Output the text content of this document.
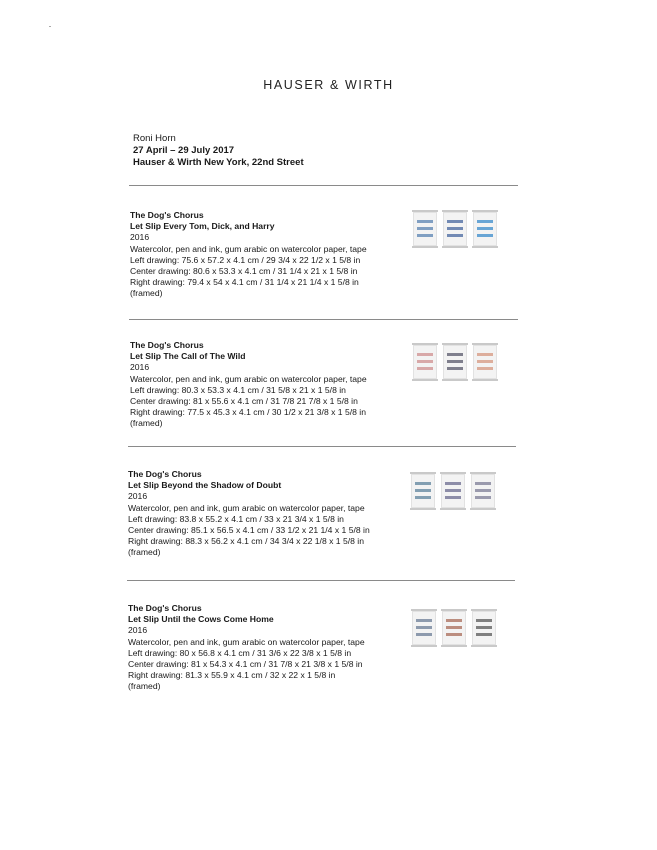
HAUSER & WIRTH
Roni Horn
27 April – 29 July 2017
Hauser & Wirth New York, 22nd Street
The Dog's Chorus
Let Slip Every Tom, Dick, and Harry
2016
Watercolor, pen and ink, gum arabic on watercolor paper, tape
Left drawing: 75.6 x 57.2 x 4.1 cm / 29 3/4 x 22 1/2 x 1 5/8 in
Center drawing: 80.6 x 53.3 x 4.1 cm / 31 1/4 x 21 x 1 5/8 in
Right drawing: 79.4 x 54 x 4.1 cm / 31 1/4 x 21 1/4 x 1 5/8 in
(framed)
The Dog's Chorus
Let Slip The Call of The Wild
2016
Watercolor, pen and ink, gum arabic on watercolor paper, tape
Left drawing: 80.3 x 53.3 x 4.1 cm / 31 5/8 x 21 x 1 5/8 in
Center drawing: 81 x 55.6 x 4.1 cm / 31 7/8 21 7/8 x 1 5/8 in
Right drawing: 77.5 x 45.3 x 4.1 cm / 30 1/2 x 21 3/8 x 1 5/8 in
(framed)
The Dog's Chorus
Let Slip Beyond the Shadow of Doubt
2016
Watercolor, pen and ink, gum arabic on watercolor paper, tape
Left drawing: 83.8 x 55.2 x 4.1 cm / 33 x 21 3/4 x 1 5/8 in
Center drawing: 85.1 x 56.5 x 4.1 cm / 33 1/2 x 21 1/4 x 1 5/8 in
Right drawing: 88.3 x 56.2 x 4.1 cm / 34 3/4 x 22 1/8 x 1 5/8 in
(framed)
The Dog's Chorus
Let Slip Until the Cows Come Home
2016
Watercolor, pen and ink, gum arabic on watercolor paper, tape
Left drawing: 80 x 56.8 x 4.1 cm / 31 3/6 x 22 3/8 x 1 5/8 in
Center drawing: 81 x 54.3 x 4.1 cm / 31 7/8 x 21 3/8 x 1 5/8 in
Right drawing: 81.3 x 55.9 x 4.1 cm / 32 x 22 x 1 5/8 in
(framed)
